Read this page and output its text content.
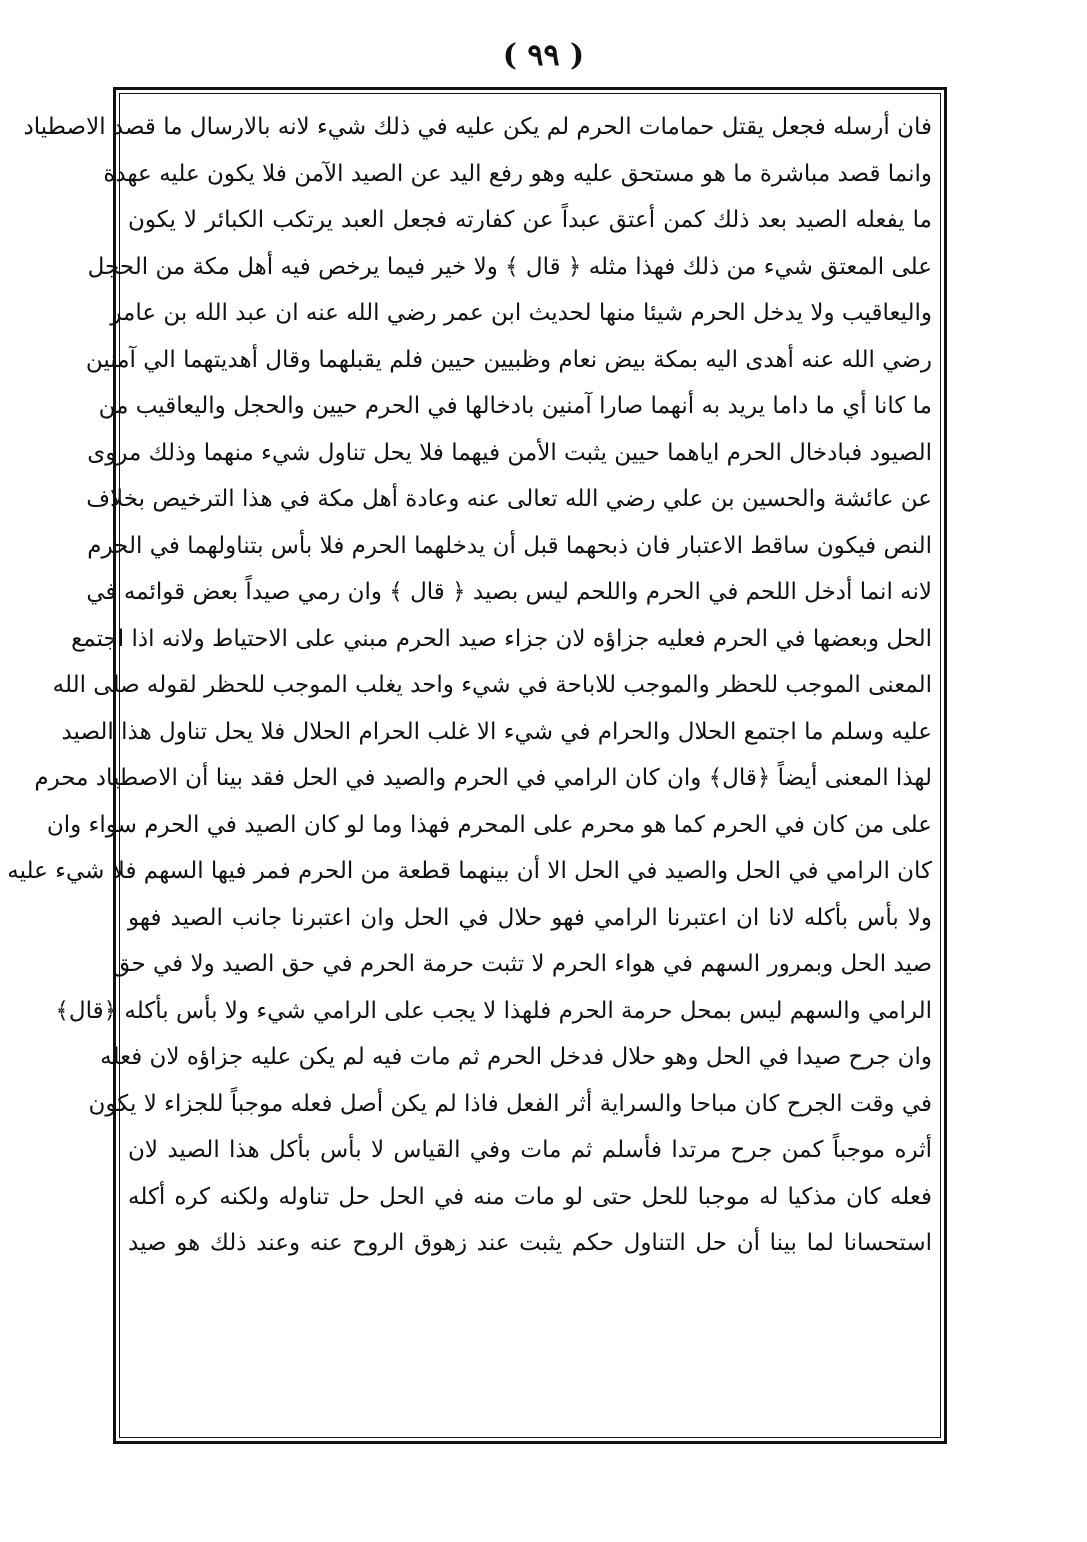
( ٩٩ )
فان أرسله فجعل يقتل حمامات الحرم لم يكن عليه في ذلك شيء لانه بالارسال ما قصد الاصطياد
وانما قصد مباشرة ما هو مستحق عليه وهو رفع اليد عن الصيد الآمن فلا يكون عليه عهدة
ما يفعله الصيد بعد ذلك كمن أعتق عبداً عن كفارته فجعل العبد يرتكب الكبائر لا يكون
على المعتق شيء من ذلك فهذا مثله ﴿ قال ﴾ ولا خير فيما يرخص فيه أهل مكة من الحجل
واليعاقيب ولا يدخل الحرم شيئا منها لحديث ابن عمر رضي الله عنه ان عبد الله بن عامر
رضي الله عنه أهدى اليه بمكة بيض نعام وظبيين حيين فلم يقبلهما وقال أهديتهما الي آمنين
ما كانا أي ما داما يريد به أنهما صارا آمنين بادخالها في الحرم حيين والحجل واليعاقيب من
الصيود فبادخال الحرم اياهما حيين يثبت الأمن فيهما فلا يحل تناول شيء منهما وذلك مروى
عن عائشة والحسين بن علي رضي الله تعالى عنه وعادة أهل مكة في هذا الترخيص بخلاف
النص فيكون ساقط الاعتبار فان ذبحهما قبل أن يدخلهما الحرم فلا بأس بتناولهما في الحرم
لانه انما أدخل اللحم في الحرم واللحم ليس بصيد ﴿ قال ﴾ وان رمي صيداً بعض قوائمه في
الحل وبعضها في الحرم فعليه جزاؤه لان جزاء صيد الحرم مبني على الاحتياط ولانه اذا اجتمع
المعنى الموجب للحظر والموجب للاباحة في شيء واحد يغلب الموجب للحظر لقوله صلى الله
عليه وسلم ما اجتمع الحلال والحرام في شيء الا غلب الحرام الحلال فلا يحل تناول هذا الصيد
لهذا المعنى أيضاً ﴿قال﴾ وان كان الرامي في الحرم والصيد في الحل فقد بينا أن الاصطياد محرم
على من كان في الحرم كما هو محرم على المحرم فهذا وما لو كان الصيد في الحرم سواء وان
كان الرامي في الحل والصيد في الحل الا أن بينهما قطعة من الحرم فمر فيها السهم فلا شيء عليه
ولا بأس بأكله لانا ان اعتبرنا الرامي فهو حلال في الحل وان اعتبرنا جانب الصيد فهو
صيد الحل وبمرور السهم في هواء الحرم لا تثبت حرمة الحرم في حق الصيد ولا في حق
الرامي والسهم ليس بمحل حرمة الحرم فلهذا لا يجب على الرامي شيء ولا بأس بأكله ﴿قال﴾
وان جرح صيدا في الحل وهو حلال فدخل الحرم ثم مات فيه لم يكن عليه جزاؤه لان فعله
في وقت الجرح كان مباحا والسراية أثر الفعل فاذا لم يكن أصل فعله موجباً للجزاء لا يكون
أثره موجباً كمن جرح مرتدا فأسلم ثم مات وفي القياس لا بأس بأكل هذا الصيد لان
فعله كان مذكيا له موجبا للحل حتى لو مات منه في الحل حل تناوله ولكنه كره أكله
استحسانا لما بينا أن حل التناول حكم يثبت عند زهوق الروح عنه وعند ذلك هو صيد
